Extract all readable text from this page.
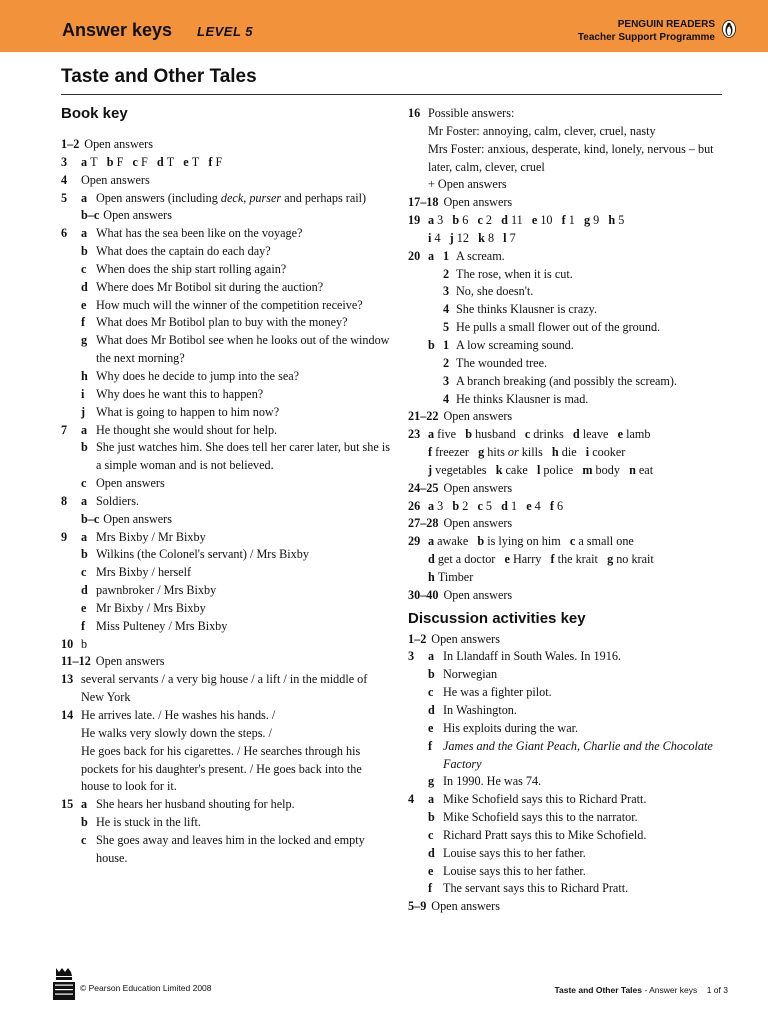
Answer keys LEVEL 5	PENGUIN READERS
Teacher Support Programme
Taste and Other Tales
Book key
1–2 Open answers
3	a T b F c F d T e T f F
4	Open answers
5	a Open answers (including deck, purser and perhaps rail)
b–c Open answers
6	a What has the sea been like on the voyage?
b What does the captain do each day?
c When does the ship start rolling again?
d Where does Mr Botibol sit during the auction?
e How much will the winner of the competition receive?
f What does Mr Botibol plan to buy with the money?
g What does Mr Botibol see when he looks out of the window the next morning?
h Why does he decide to jump into the sea?
i Why does he want this to happen?
j What is going to happen to him now?
7	a He thought she would shout for help.
b She just watches him. She does tell her carer later, but she is a simple woman and is not believed.
c Open answers
8	a Soldiers.
b–c Open answers
9	a Mrs Bixby / Mr Bixby
b Wilkins (the Colonel's servant) / Mrs Bixby
c Mrs Bixby / herself
d pawnbroker / Mrs Bixby
e Mr Bixby / Mrs Bixby
f Miss Pulteney / Mrs Bixby
10 b
11–12 Open answers
13 several servants / a very big house / a lift / in the middle of New York
14 He arrives late. / He washes his hands. /
He walks very slowly down the steps. /
He goes back for his cigarettes. / He searches through his pockets for his daughter's present. / He goes back into the house to look for it.
15 a She hears her husband shouting for help.
b He is stuck in the lift.
c She goes away and leaves him in the locked and empty house.
16 Possible answers:
Mr Foster: annoying, calm, clever, cruel, nasty
Mrs Foster: anxious, desperate, kind, lonely, nervous – but later, calm, clever, cruel
+ Open answers
17–18 Open answers
19 a 3 b 6 c 2 d 11 e 10 f 1 g 9 h 5
i 4 j 12 k 8 l 7
20 a 1 A scream.
2 The rose, when it is cut.
3 No, she doesn't.
4 She thinks Klausner is crazy.
5 He pulls a small flower out of the ground.
b 1 A low screaming sound.
2 The wounded tree.
3 A branch breaking (and possibly the scream).
4 He thinks Klausner is mad.
21–22 Open answers
23 a five b husband c drinks d leave e lamb
f freezer g hits or kills h die i cooker
j vegetables k cake l police m body n eat
24–25 Open answers
26 a 3 b 2 c 5 d 1 e 4 f 6
27–28 Open answers
29 a awake b is lying on him c a small one
d get a doctor e Harry f the krait g no krait
h Timber
30–40 Open answers
Discussion activities key
1–2 Open answers
3	a In Llandaff in South Wales. In 1916.
b Norwegian
c He was a fighter pilot.
d In Washington.
e His exploits during the war.
f James and the Giant Peach, Charlie and the Chocolate Factory
g In 1990. He was 74.
4	a Mike Schofield says this to Richard Pratt.
b Mike Schofield says this to the narrator.
c Richard Pratt says this to Mike Schofield.
d Louise says this to her father.
e Louise says this to her father.
f The servant says this to Richard Pratt.
5–9 Open answers
© Pearson Education Limited 2008	Taste and Other Tales - Answer keys 1 of 3
